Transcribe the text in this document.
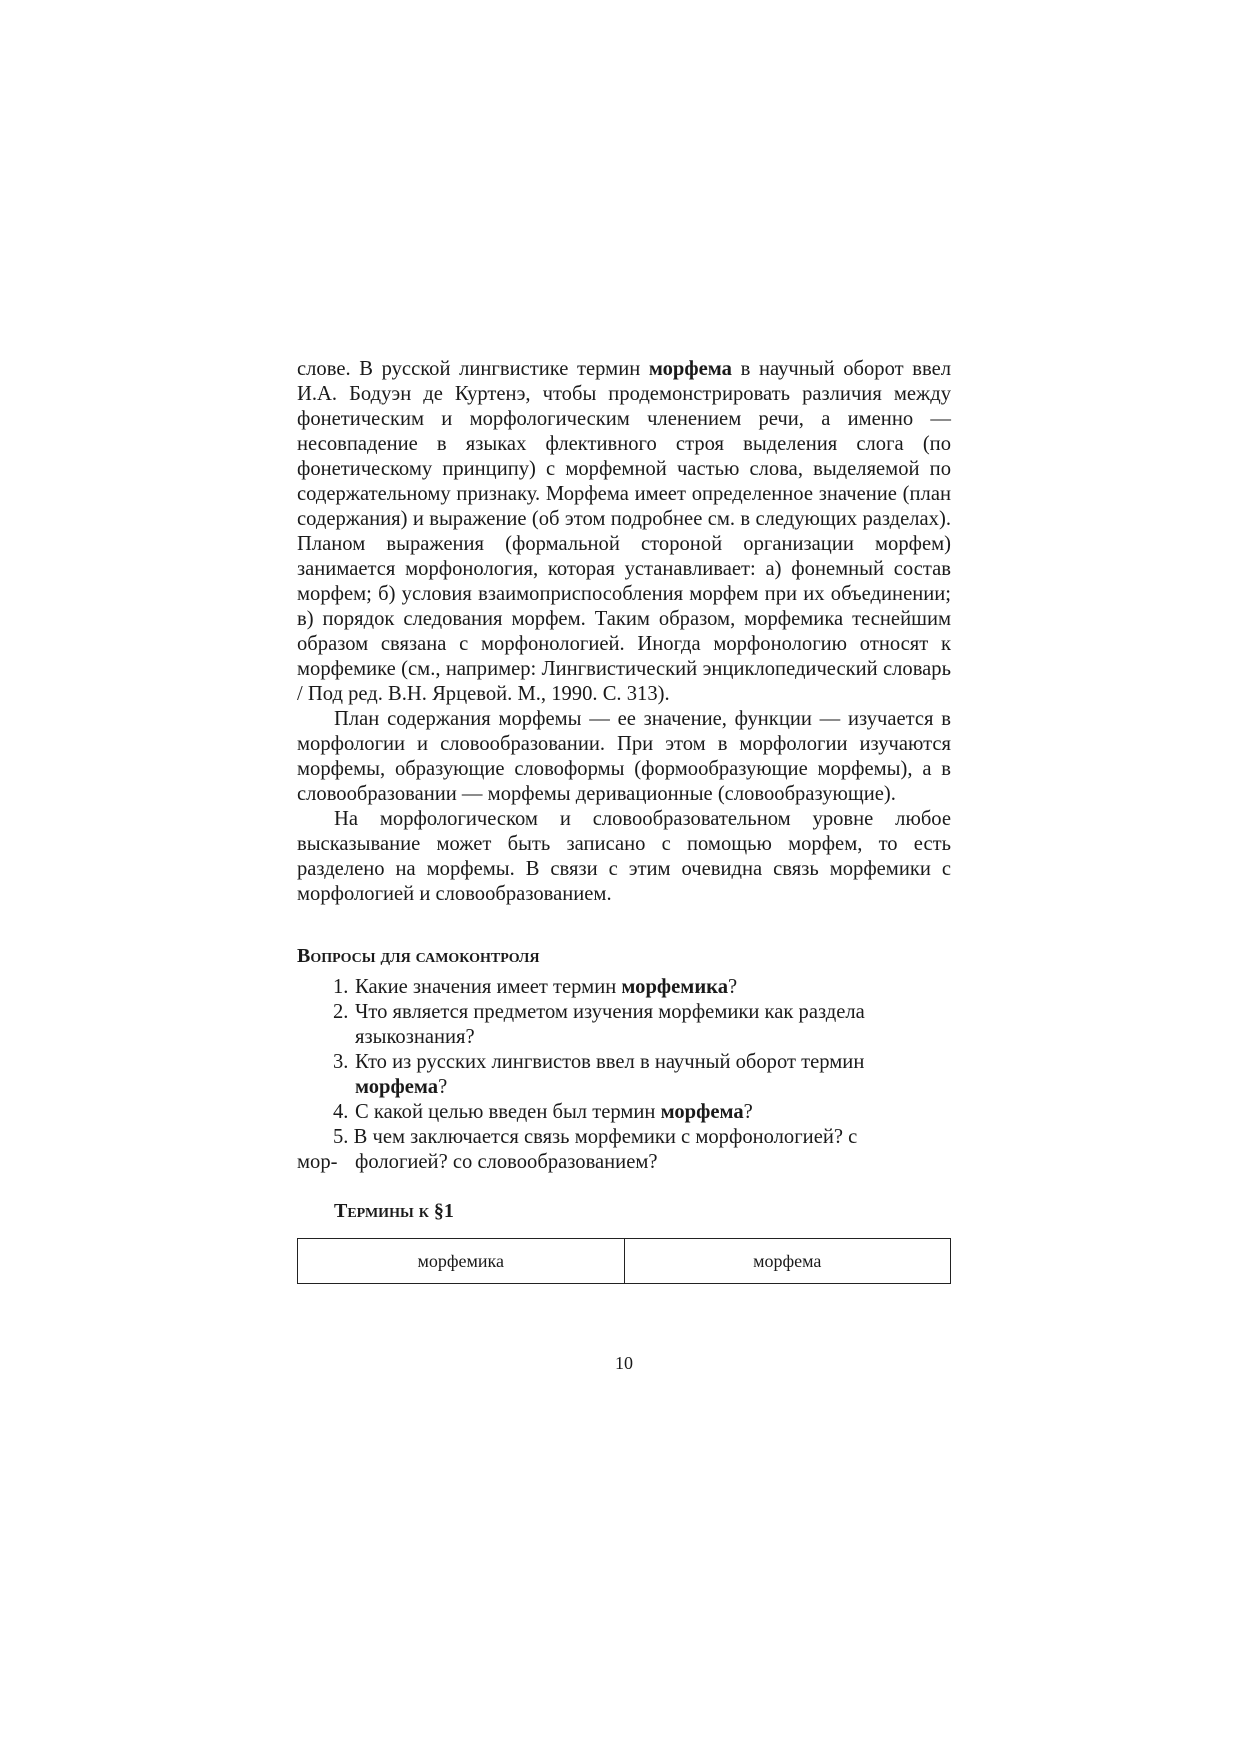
слове. В русской лингвистике термин морфема в научный оборот ввел И.А. Бодуэн де Куртенэ, чтобы продемонстрировать различия между фонетическим и морфологическим членением речи, а именно — несовпадение в языках флективного строя выделения слога (по фонетическому принципу) с морфемной частью слова, выделяемой по содержательному признаку. Морфема имеет определенное значение (план содержания) и выражение (об этом подробнее см. в следующих разделах). Планом выражения (формальной стороной организации морфем) занимается морфонология, которая устанавливает: а) фонемный состав морфем; б) условия взаимоприспособления морфем при их объединении; в) порядок следования морфем. Таким образом, морфемика теснейшим образом связана с морфонологией. Иногда морфонологию относят к морфемике (см., например: Лингвистический энциклопедический словарь / Под ред. В.Н. Ярцевой. М., 1990. С. 313).

План содержания морфемы — ее значение, функции — изучается в морфологии и словообразовании. При этом в морфологии изучаются морфемы, образующие словоформы (формообразующие морфемы), а в словообразовании — морфемы деривационные (словообразующие).

На морфологическом и словообразовательном уровне любое высказывание может быть записано с помощью морфем, то есть разделено на морфемы. В связи с этим очевидна связь морфемики с морфологией и словообразованием.

Вопросы для самоконтроля
1. Какие значения имеет термин морфемика?
2. Что является предметом изучения морфемики как раздела языкознания?
3. Кто из русских лингвистов ввел в научный оборот термин морфема?
4. С какой целью введен был термин морфема?
5. В чем заключается связь морфемики с морфонологией? с
мор- фологией? со словообразованием?
Термины к §1
морфемика	морфема
10
